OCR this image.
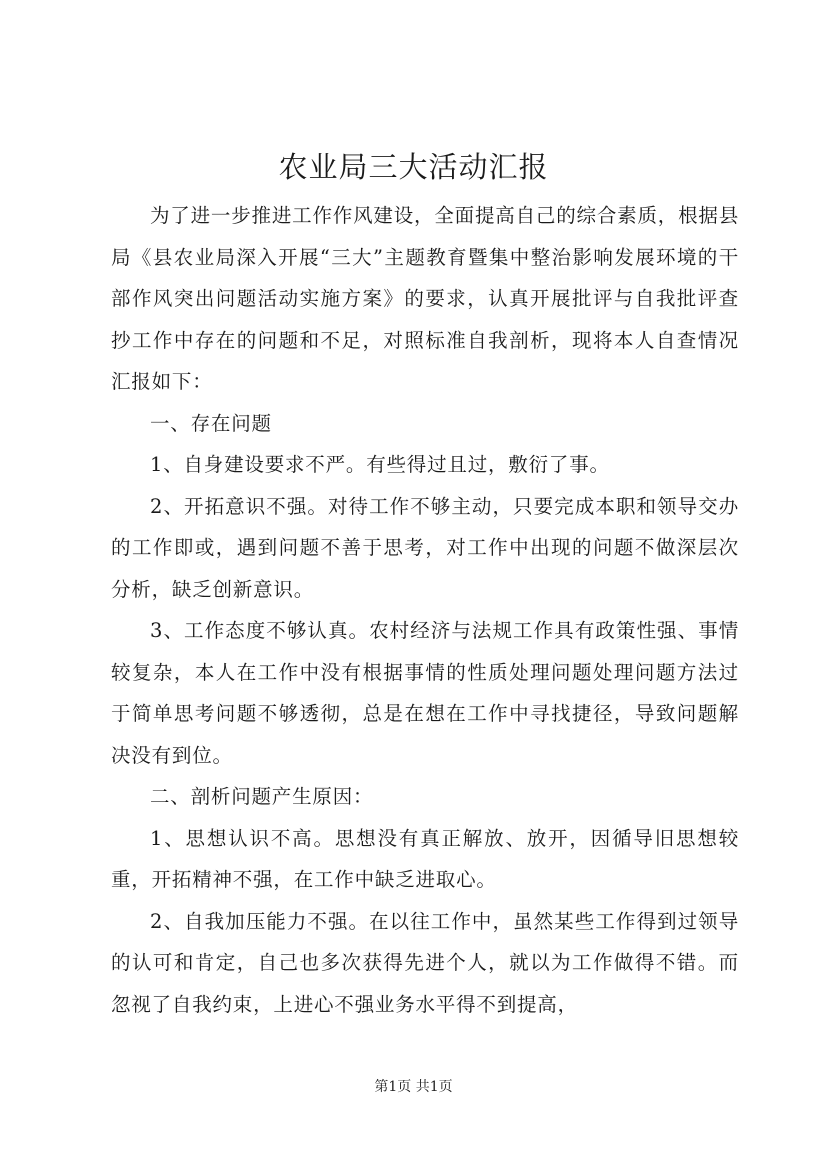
农业局三大活动汇报

为了进一步推进工作作风建设，全面提高自己的综合素质，根据县局《县农业局深入开展“三大”主题教育暨集中整治影响发展环境的干部作风突出问题活动实施方案》的要求，认真开展批评与自我批评查抄工作中存在的问题和不足，对照标准自我剖析，现将本人自查情况汇报如下：

一、存在问题

1、自身建设要求不严。有些得过且过，敷衍了事。

2、开拓意识不强。对待工作不够主动，只要完成本职和领导交办的工作即或，遇到问题不善于思考，对工作中出现的问题不做深层次分析，缺乏创新意识。

3、工作态度不够认真。农村经济与法规工作具有政策性强、事情较复杂，本人在工作中没有根据事情的性质处理问题处理问题方法过于简单思考问题不够透彻，总是在想在工作中寻找捷径，导致问题解决没有到位。

二、剖析问题产生原因：

1、思想认识不高。思想没有真正解放、放开，因循导旧思想较重，开拓精神不强，在工作中缺乏进取心。

2、自我加压能力不强。在以往工作中，虽然某些工作得到过领导的认可和肯定，自己也多次获得先进个人，就以为工作做得不错。而忽视了自我约束，上进心不强业务水平得不到提高，

第1页 共1页
